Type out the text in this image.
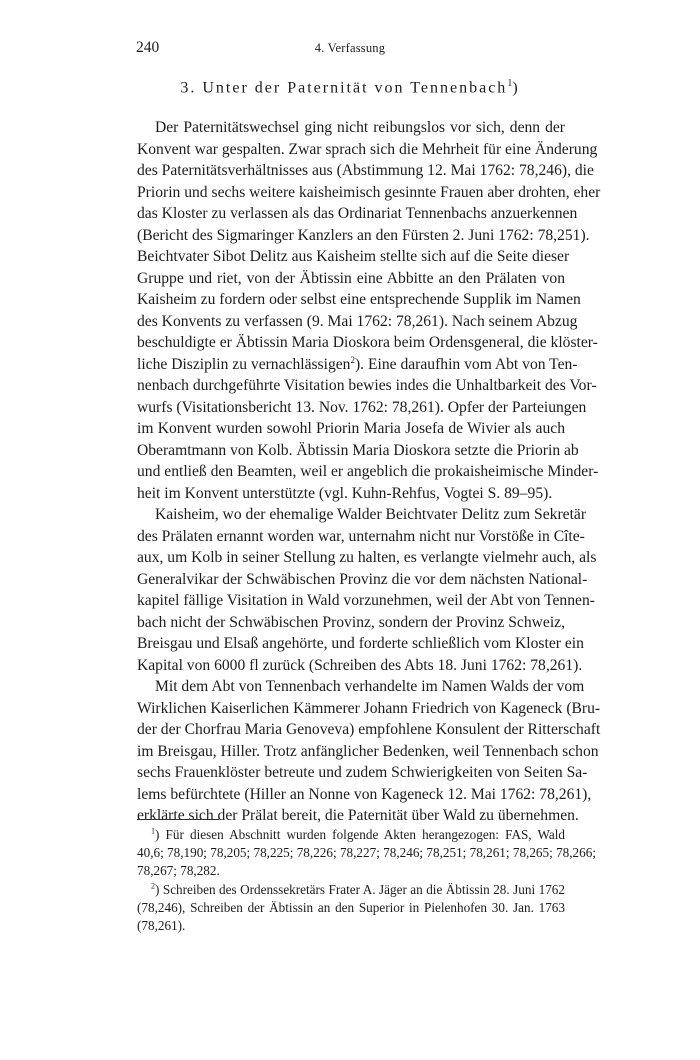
240	4. Verfassung
3. Unter der Paternität von Tennenbach$^1$)
Der Paternitätswechsel ging nicht reibungslos vor sich, denn der
Konvent war gespalten. Zwar sprach sich die Mehrheit für eine Änderung
des Paternitätsverhältnisses aus (Abstimmung 12. Mai 1762: 78,246), die
Priorin und sechs weitere kaisheimisch gesinnte Frauen aber drohten, eher
das Kloster zu verlassen als das Ordinariat Tennenbachs anzuerkennen
(Bericht des Sigmaringer Kanzlers an den Fürsten 2. Juni 1762: 78,251).
Beichtvater Sibot Delitz aus Kaisheim stellte sich auf die Seite dieser
Gruppe und riet, von der Äbtissin eine Abbitte an den Prälaten von
Kaisheim zu fordern oder selbst eine entsprechende Supplik im Namen
des Konvents zu verfassen (9. Mai 1762: 78,261). Nach seinem Abzug
beschuldigte er Äbtissin Maria Dioskora beim Ordensgeneral, die klöster-
liche Disziplin zu vernachlässigen$^2$). Eine daraufhin vom Abt von Ten-
nenbach durchgeführte Visitation bewies indes die Unhaltbarkeit des Vor-
wurfs (Visitationsbericht 13. Nov. 1762: 78,261). Opfer der Parteiungen
im Konvent wurden sowohl Priorin Maria Josefa de Wivier als auch
Oberamtmann von Kolb. Äbtissin Maria Dioskora setzte die Priorin ab
und entließ den Beamten, weil er angeblich die prokaisheimische Minder-
heit im Konvent unterstützte (vgl. Kuhn-Rehfus, Vogtei S. 89–95).
Kaisheim, wo der ehemalige Walder Beichtvater Delitz zum Sekretär
des Prälaten ernannt worden war, unternahm nicht nur Vorstöße in Cîte-
aux, um Kolb in seiner Stellung zu halten, es verlangte vielmehr auch, als
Generalvikar der Schwäbischen Provinz die vor dem nächsten National-
kapitel fällige Visitation in Wald vorzunehmen, weil der Abt von Tennen-
bach nicht der Schwäbischen Provinz, sondern der Provinz Schweiz,
Breisgau und Elsaß angehörte, und forderte schließlich vom Kloster ein
Kapital von 6000 fl zurück (Schreiben des Abts 18. Juni 1762: 78,261).
Mit dem Abt von Tennenbach verhandelte im Namen Walds der vom
Wirklichen Kaiserlichen Kämmerer Johann Friedrich von Kageneck (Bru-
der der Chorfrau Maria Genoveva) empfohlene Konsulent der Ritterschaft
im Breisgau, Hiller. Trotz anfänglicher Bedenken, weil Tennenbach schon
sechs Frauenklöster betreute und zudem Schwierigkeiten von Seiten Sa-
lems befürchtete (Hiller an Nonne von Kageneck 12. Mai 1762: 78,261),
erklärte sich der Prälat bereit, die Paternität über Wald zu übernehmen.
$^1$) Für diesen Abschnitt wurden folgende Akten herangezogen: FAS, Wald
40,6; 78,190; 78,205; 78,225; 78,226; 78,227; 78,246; 78,251; 78,261; 78,265; 78,266;
78,267; 78,282.
$^2$) Schreiben des Ordenssekretärs Frater A. Jäger an die Äbtissin 28. Juni 1762
(78,246), Schreiben der Äbtissin an den Superior in Pielenhofen 30. Jan. 1763
(78,261).
